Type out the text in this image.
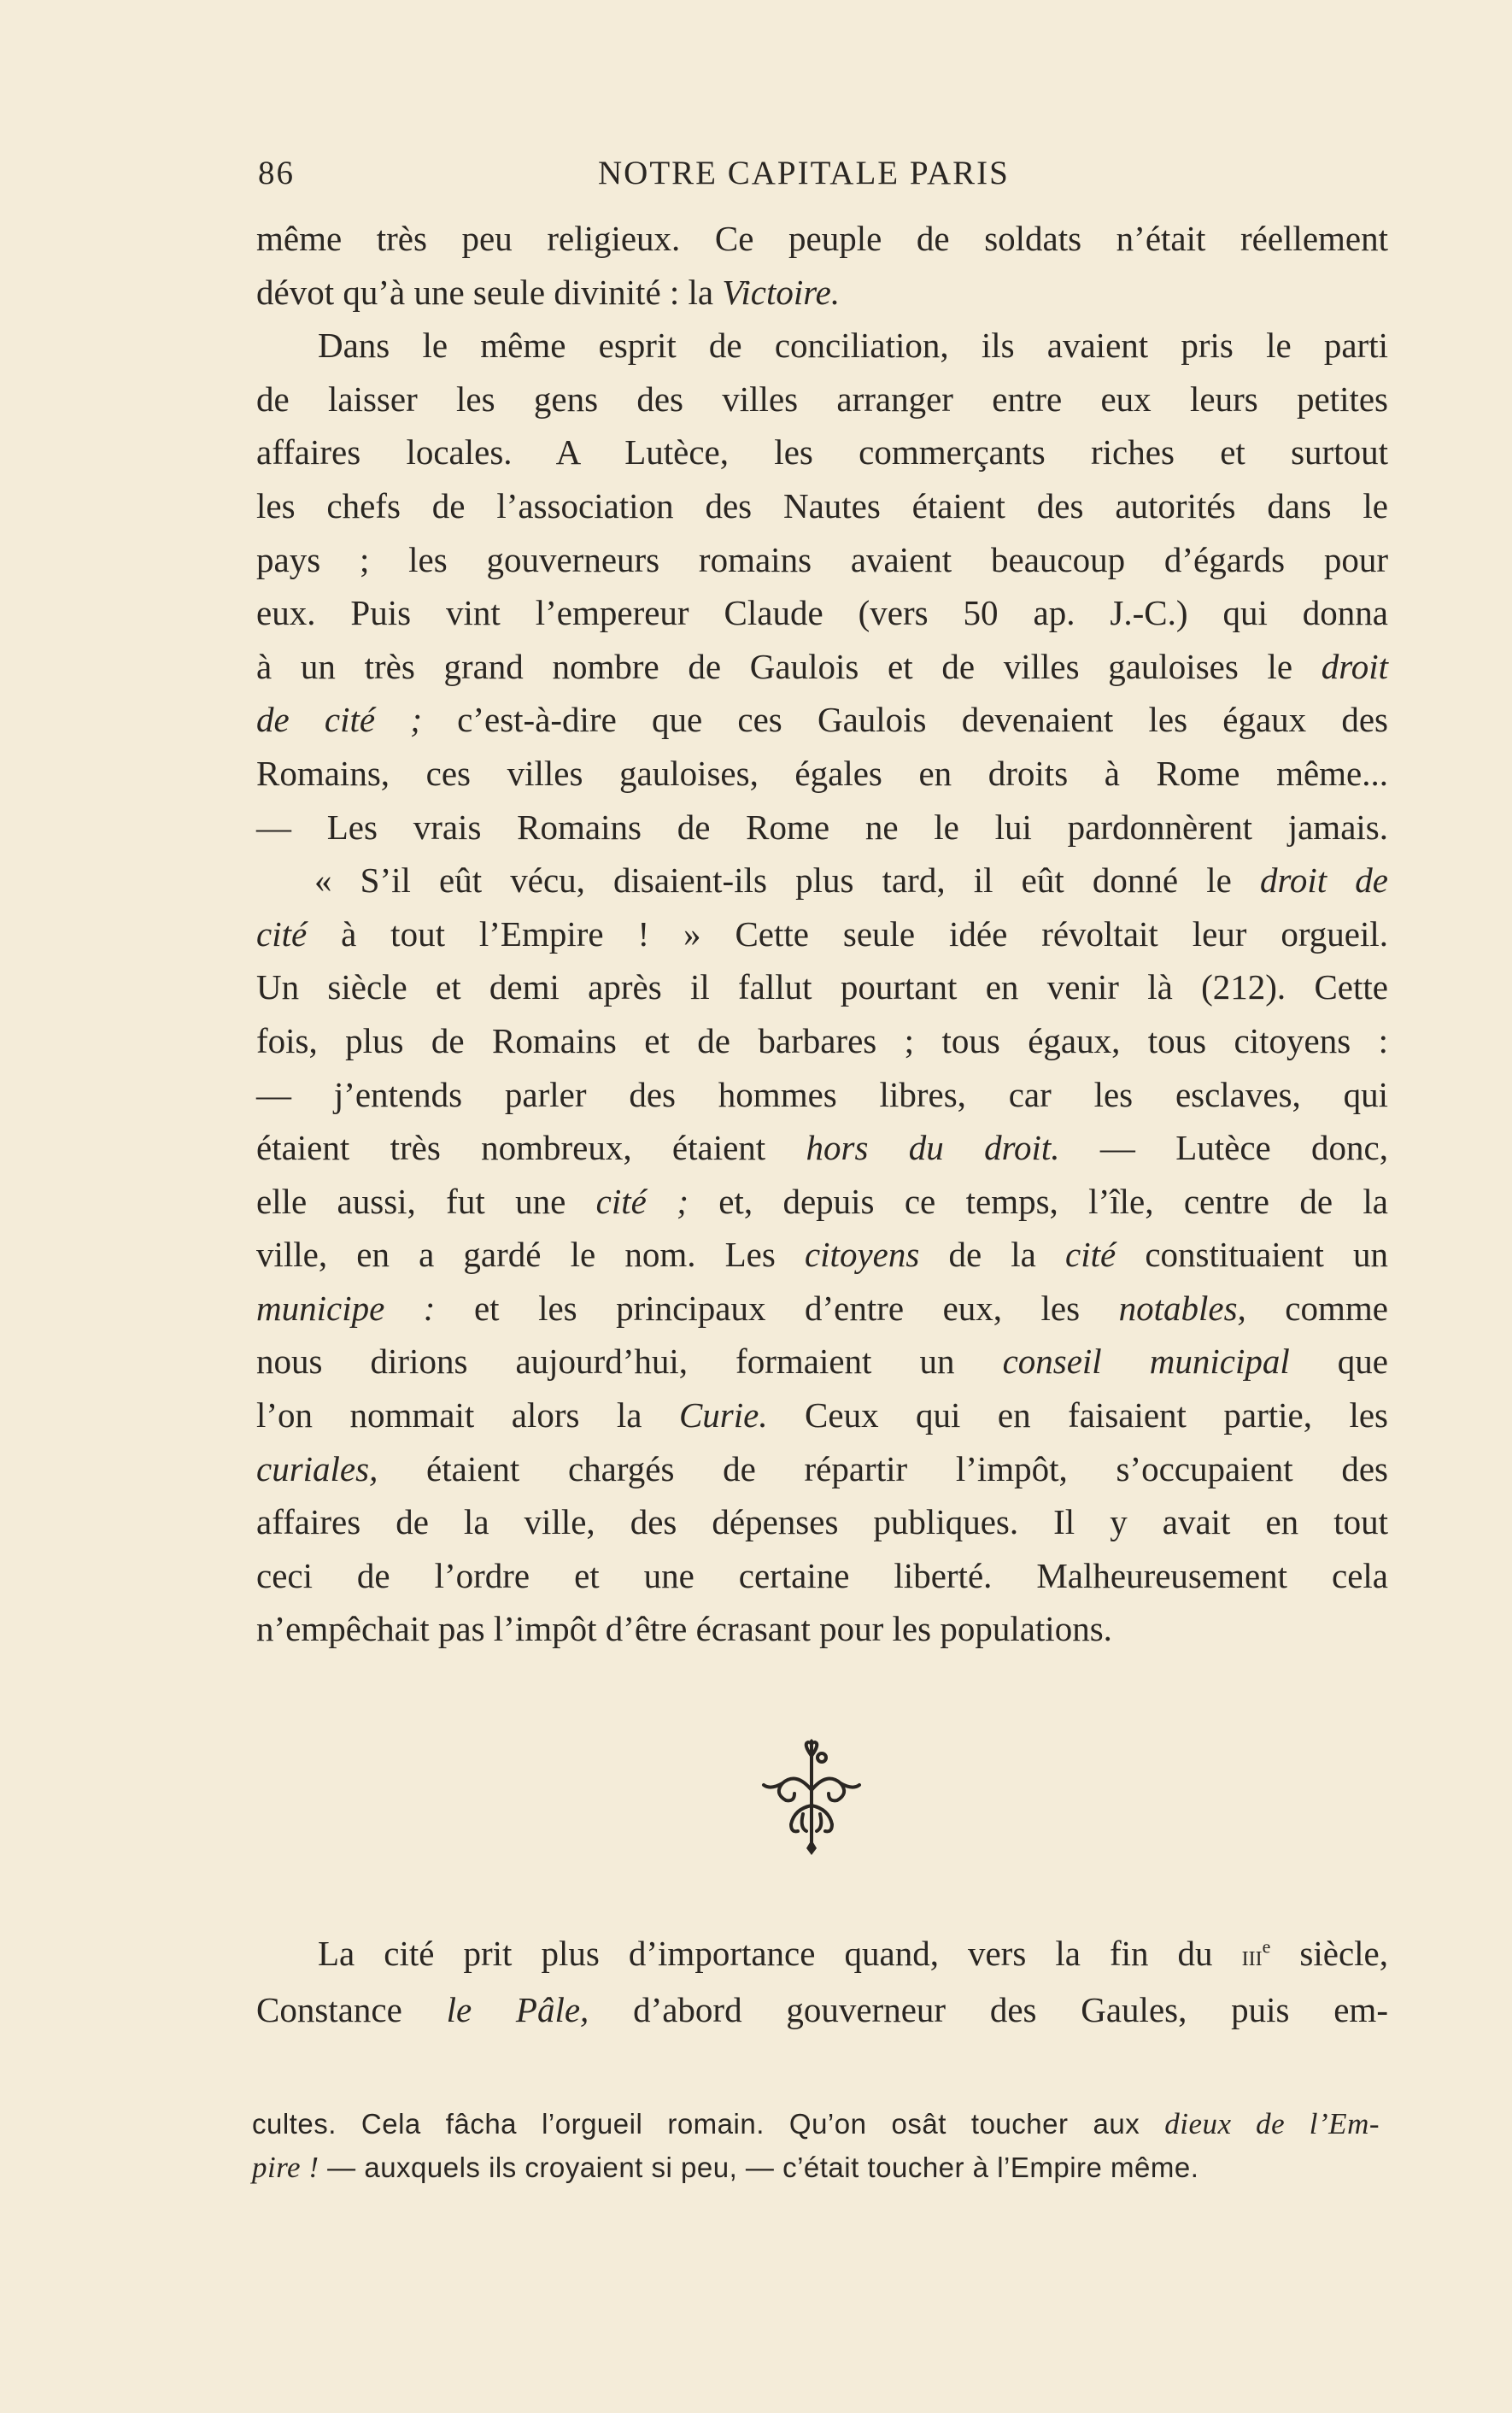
86	NOTRE CAPITALE PARIS
même très peu religieux. Ce peuple de soldats n’était réellement
dévot qu’à une seule divinité : la Victoire.
Dans le même esprit de conciliation, ils avaient pris le parti
de laisser les gens des villes arranger entre eux leurs petites
affaires locales. A Lutèce, les commerçants riches et surtout
les chefs de l’association des Nautes étaient des autorités dans le
pays ; les gouverneurs romains avaient beaucoup d’égards pour
eux. Puis vint l’empereur Claude (vers 50 ap. J.-C.) qui donna
à un très grand nombre de Gaulois et de villes gauloises le droit
de cité ; c’est-à-dire que ces Gaulois devenaient les égaux des
Romains, ces villes gauloises, égales en droits à Rome même...
— Les vrais Romains de Rome ne le lui pardonnèrent jamais.
« S’il eût vécu, disaient-ils plus tard, il eût donné le droit de
cité à tout l’Empire ! » Cette seule idée révoltait leur orgueil.
Un siècle et demi après il fallut pourtant en venir là (212). Cette
fois, plus de Romains et de barbares ; tous égaux, tous citoyens :
— j’entends parler des hommes libres, car les esclaves, qui
étaient très nombreux, étaient hors du droit. — Lutèce donc,
elle aussi, fut une cité ; et, depuis ce temps, l’île, centre de la
ville, en a gardé le nom. Les citoyens de la cité constituaient un
municipe : et les principaux d’entre eux, les notables, comme
nous dirions aujourd’hui, formaient un conseil municipal que
l’on nommait alors la Curie. Ceux qui en faisaient partie, les
curiales, étaient chargés de répartir l’impôt, s’occupaient des
affaires de la ville, des dépenses publiques. Il y avait en tout
ceci de l’ordre et une certaine liberté. Malheureusement cela
n’empêchait pas l’impôt d’être écrasant pour les populations.
La cité prit plus d’importance quand, vers la fin du iii$^e$ siècle,
Constance le Pâle, d’abord gouverneur des Gaules, puis em-
cultes. Cela fâcha l’orgueil romain. Qu’on osât toucher aux dieux de l’Em-
pire ! — auxquels ils croyaient si peu, — c’était toucher à l’Empire même.
